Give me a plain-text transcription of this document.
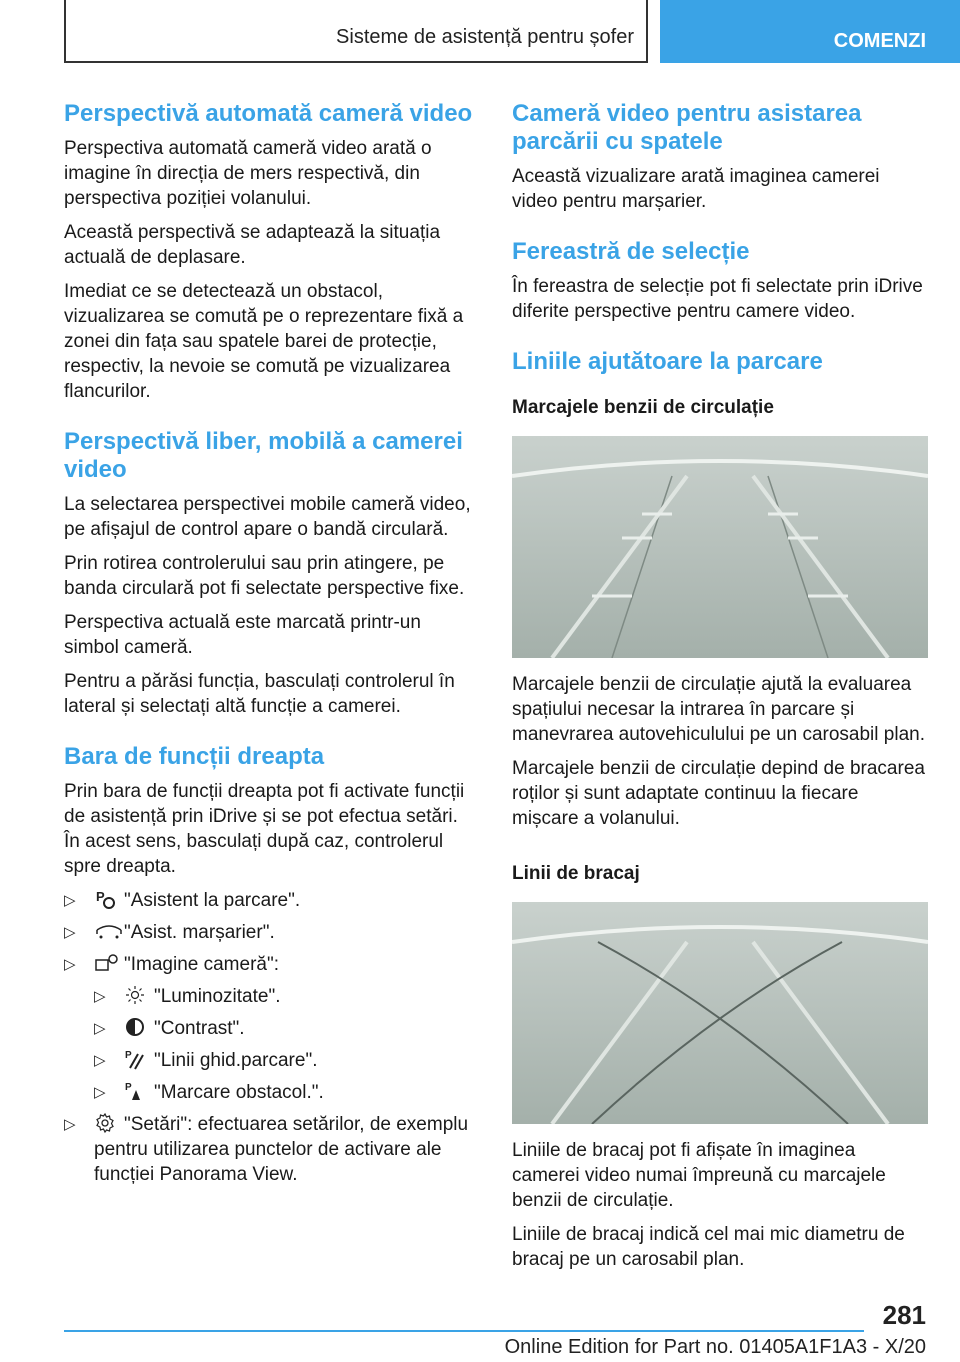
Sisteme de asistență pentru șofer	COMENZI
Perspectivă automată cameră video

Perspectiva automată cameră video arată o imagine în direcția de mers respectivă, din perspectiva poziției volanului.

Această perspectivă se adaptează la situația actuală de deplasare.

Imediat ce se detectează un obstacol, vizualizarea se comută pe o reprezentare fixă a zonei din fața sau spatele barei de protecție, respectiv, la nevoie se comută pe vizualizarea flancurilor.

Perspectivă liber, mobilă a camerei video

La selectarea perspectivei mobile cameră video, pe afișajul de control apare o bandă circulară.

Prin rotirea controlerului sau prin atingere, pe banda circulară pot fi selectate perspective fixe.

Perspectiva actuală este marcată printr-un simbol cameră.

Pentru a părăsi funcția, basculați controlerul în lateral și selectați altă funcție a camerei.

Bara de funcții dreapta

Prin bara de funcții dreapta pot fi activate funcții de asistență prin iDrive și se pot efectua setări. În acest sens, basculați după caz, controlerul spre dreapta.

▷ P "Asistent la parcare".
▷	"Asist. marșarier".
▷	"Imagine cameră":
▷	"Luminozitate".
▷	"Contrast".
▷ P "Linii ghid.parcare".
▷ P "Marcare obstacol.".
▷	"Setări": efectuarea setărilor, de exemplu pentru utilizarea punctelor de activare ale funcției Panorama View.
Cameră video pentru asistarea parcării cu spatele

Această vizualizare arată imaginea camerei video pentru marșarier.

Fereastră de selecție

În fereastra de selecție pot fi selectate prin iDrive diferite perspective pentru camere video.

Liniile ajutătoare la parcare
Marcajele benzii de circulație

Marcajele benzii de circulație ajută la evaluarea spațiului necesar la intrarea în parcare și manevrarea autovehiculului pe un carosabil plan.

Marcajele benzii de circulație depind de bracarea roților și sunt adaptate continuu la fiecare mișcare a volanului.

Linii de bracaj

Liniile de bracaj pot fi afișate în imaginea camerei video numai împreună cu marcajele benzii de circulație.

Liniile de bracaj indică cel mai mic diametru de bracaj pe un carosabil plan.

281
Online Edition for Part no. 01405A1F1A3 - X/20
